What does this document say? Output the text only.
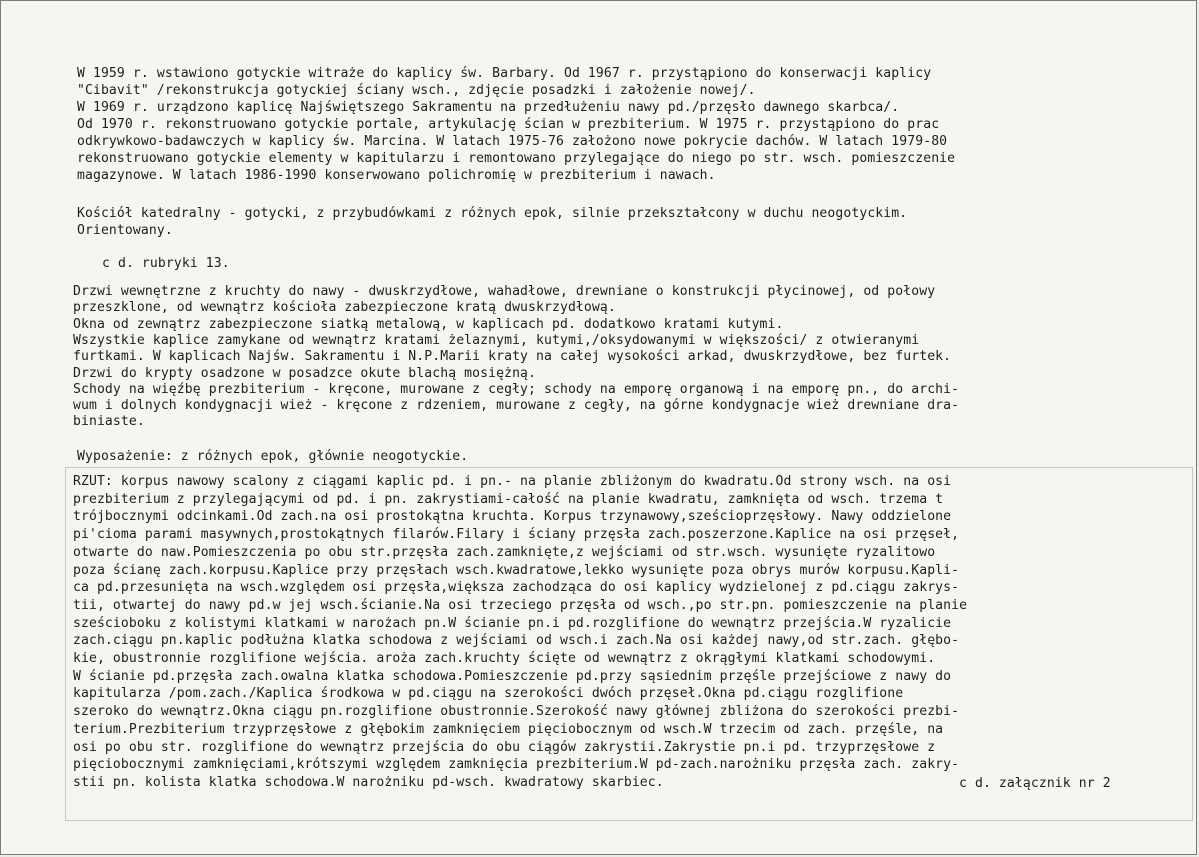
W 1959 r. wstawiono gotyckie witraże do kaplicy św. Barbary. Od 1967 r. przystąpiono do konserwacji kaplicy
"Cibavit" /rekonstrukcja gotyckiej ściany wsch., zdjęcie posadzki i założenie nowej/.
W 1969 r. urządzono kaplicę Najświętszego Sakramentu na przedłużeniu nawy pd./przęsło dawnego skarbca/.
Od 1970 r. rekonstruowano gotyckie portale, artykulację ścian w prezbiterium. W 1975 r. przystąpiono do prac
odkrywkowo-badawczych w kaplicy św. Marcina. W latach 1975-76 założono nowe pokrycie dachów. W latach 1979-80
rekonstruowano gotyckie elementy w kapitularzu i remontowano przylegające do niego po str. wsch. pomieszczenie
magazynowe. W latach 1986-1990 konserwowano polichromię w prezbiterium i nawach.
Kościół katedralny - gotycki, z przybudówkami z różnych epok, silnie przekształcony w duchu neogotyckim.
Orientowany.
c d. rubryki 13.
Drzwi wewnętrzne z kruchty do nawy - dwuskrzydłowe, wahadłowe, drewniane o konstrukcji płycinowej, od połowy
przeszklone, od wewnątrz kościoła zabezpieczone kratą dwuskrzydłową.
Okna od zewnątrz zabezpieczone siatką metalową, w kaplicach pd. dodatkowo kratami kutymi.
Wszystkie kaplice zamykane od wewnątrz kratami żelaznymi, kutymi,/oksydowanymi w większości/ z otwieranymi
furtkami. W kaplicach Najśw. Sakramentu i N.P.Marii kraty na całej wysokości arkad, dwuskrzydłowe, bez furtek.
Drzwi do krypty osadzone w posadzce okute blachą mosiężną.
Schody na więźbę prezbiterium - kręcone, murowane z cegły; schody na emporę organową i na emporę pn., do archi-
wum i dolnych kondygnacji wież - kręcone z rdzeniem, murowane z cegły, na górne kondygnacje wież drewniane dra-
biniaste.
Wyposażenie: z różnych epok, głównie neogotyckie.
RZUT: korpus nawowy scalony z ciągami kaplic pd. i pn.- na planie zbliżonym do kwadratu.Od strony wsch. na osi
prezbiterium z przylegającymi od pd. i pn. zakrystiami-całość na planie kwadratu, zamknięta od wsch. trzema t
trójbocznymi odcinkami.Od zach.na osi prostokątna kruchta. Korpus trzynawowy,sześcioprzęsłowy. Nawy oddzielone
pi'cioma parami masywnych,prostokątnych filarów.Filary i ściany przęsła zach.poszerzone.Kaplice na osi przęseł,
otwarte do naw.Pomieszczenia po obu str.przęsła zach.zamknięte,z wejściami od str.wsch. wysunięte ryzalitowo
poza ścianę zach.korpusu.Kaplice przy przęsłach wsch.kwadratowe,lekko wysunięte poza obrys murów korpusu.Kapli-
ca pd.przesunięta na wsch.względem osi przęsła,większa zachodząca do osi kaplicy wydzielonej z pd.ciągu zakrys-
tii, otwartej do nawy pd.w jej wsch.ścianie.Na osi trzeciego przęsła od wsch.,po str.pn. pomieszczenie na planie
sześcioboku z kolistymi klatkami w narożach pn.W ścianie pn.i pd.rozglifione do wewnątrz przejścia.W ryzalicie
zach.ciągu pn.kaplic podłużna klatka schodowa z wejściami od wsch.i zach.Na osi każdej nawy,od str.zach. głębo-
kie, obustronnie rozglifione wejścia. aroża zach.kruchty ścięte od wewnątrz z okrągłymi klatkami schodowymi.
W ścianie pd.przęsła zach.owalna klatka schodowa.Pomieszczenie pd.przy sąsiednim przęśle przejściowe z nawy do
kapitularza /pom.zach./Kaplica środkowa w pd.ciągu na szerokości dwóch przęseł.Okna pd.ciągu rozglifione
szeroko do wewnątrz.Okna ciągu pn.rozglifione obustronnie.Szerokość nawy głównej zbliżona do szerokości prezbi-
terium.Prezbiterium trzyprzęsłowe z głębokim zamknięciem pięciobocznym od wsch.W trzecim od zach. przęśle, na
osi po obu str. rozglifione do wewnątrz przejścia do obu ciągów zakrystii.Zakrystie pn.i pd. trzyprzęsłowe z
pięciobocznymi zamknięciami,krótszymi względem zamknięcia prezbiterium.W pd-zach.narożniku przęsła zach. zakry-
stii pn. kolista klatka schodowa.W narożniku pd-wsch. kwadratowy skarbiec.	c d. załącznik nr 2
